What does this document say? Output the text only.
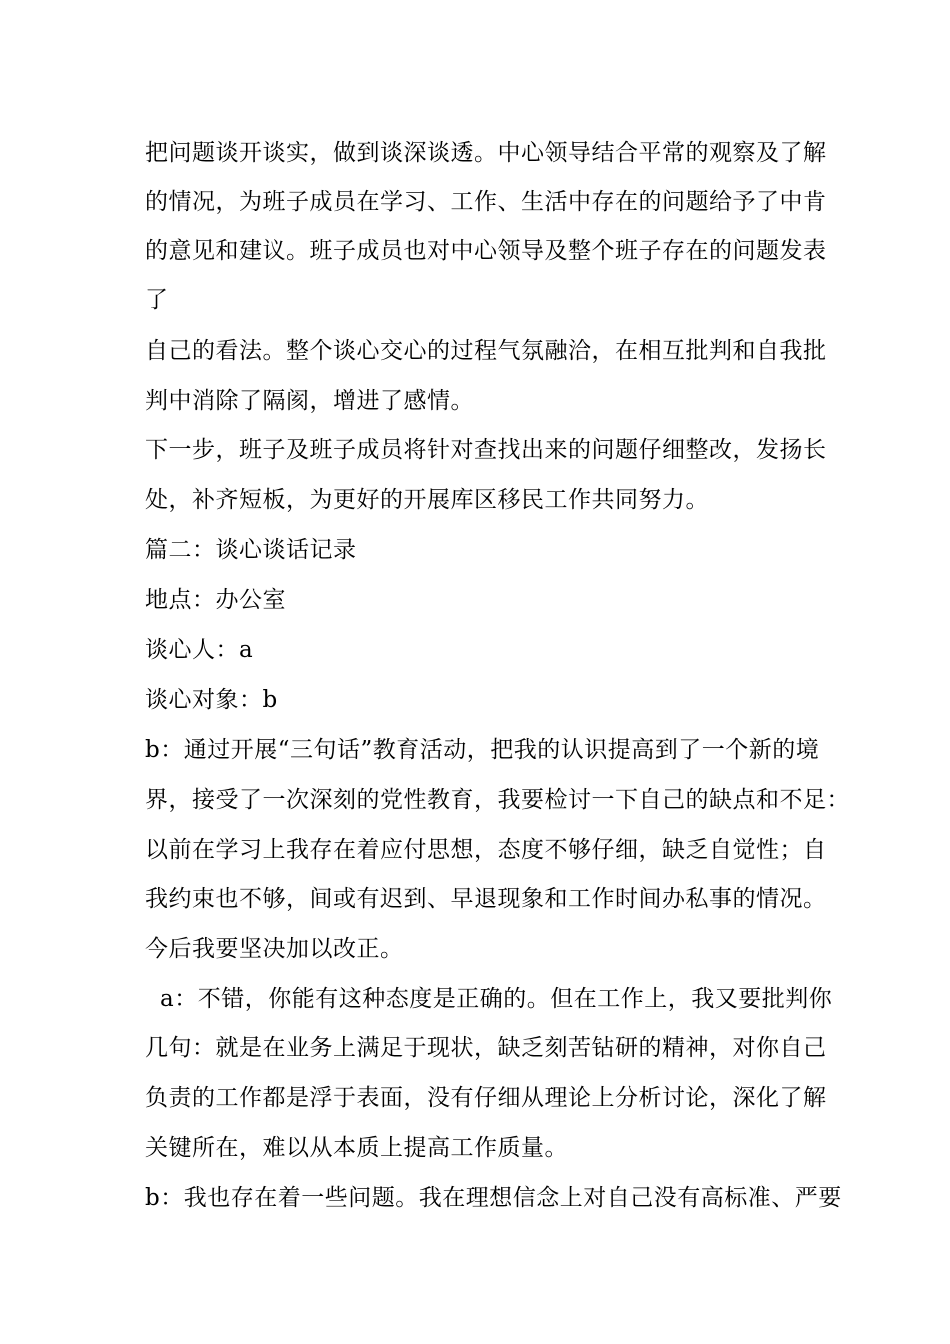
把问题谈开谈实，做到谈深谈透。中心领导结合平常的观察及了解
的情况，为班子成员在学习、工作、生活中存在的问题给予了中肯
的意见和建议。班子成员也对中心领导及整个班子存在的问题发表
了
自己的看法。整个谈心交心的过程气氛融洽，在相互批判和自我批
判中消除了隔阂，增进了感情。
下一步，班子及班子成员将针对查找出来的问题仔细整改，发扬长
处，补齐短板，为更好的开展库区移民工作共同努力。
篇二：谈心谈话记录
地点：办公室
谈心人：a
谈心对象：b
b：通过开展“三句话”教育活动，把我的认识提高到了一个新的境
界，接受了一次深刻的党性教育，我要检讨一下自己的缺点和不足：
以前在学习上我存在着应付思想，态度不够仔细，缺乏自觉性；自
我约束也不够，间或有迟到、早退现象和工作时间办私事的情况。
今后我要坚决加以改正。
a：不错，你能有这种态度是正确的。但在工作上，我又要批判你
几句：就是在业务上满足于现状，缺乏刻苦钻研的精神，对你自己
负责的工作都是浮于表面，没有仔细从理论上分析讨论，深化了解
关键所在，难以从本质上提高工作质量。
b：我也存在着一些问题。我在理想信念上对自己没有高标准、严要
